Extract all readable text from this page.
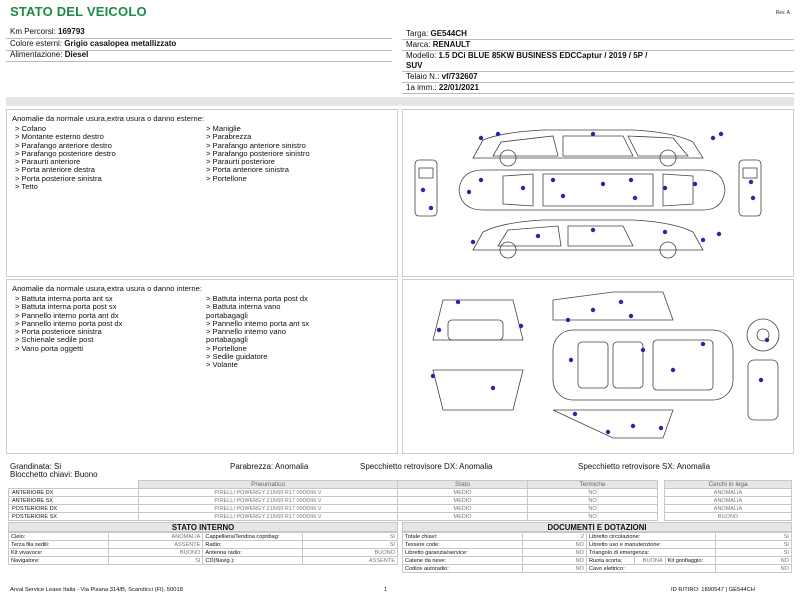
STATO DEL VEICOLO	Rev. A
Km Percorsi: 169793
Colore esterni: Grigio casalopea metallizzato
Alimentazione: Diesel
Targa: GE544CH
Marca: RENAULT
Modello: 1.5 DCi BLUE 85KW BUSINESS EDCCaptur / 2019 / 5P /
SUV
Telaio N.: vf/732607
1a imm.: 22/01/2021
Anomalie da normale usura,extra usura o danno esterne:
> Cofano
> Montante esterno destro
> Parafango anteriore destro
> Parafango posteriore destro
> Paraurti anteriore
> Porta anteriore destra
> Porta posteriore sinistra
> Tetto
> Maniglie
> Parabrezza
> Parafango anteriore sinistro
> Parafango posteriore sinistro
> Paraurti posteriore
> Porta anteriore sinistra
> Portellone
Anomalie da normale usura,extra usura o danno interne:
> Battuta interna porta ant sx
> Battuta interna porta post sx
> Pannello interno porta ant dx
> Pannello interno porta post dx
> Porta posteriore sinistra
> Schienale sedile post
> Vano porta oggetti
> Battuta interna porta post dx
> Battuta interna vano
portabagagli
> Pannello interno porta ant sx
> Pannello interno vano
portabagagli
> Portellone
> Sedile guidatore
> Volante
Grandinata: Si
Blocchetto chiavi: Buono
Parabrezza: Anomalia	Specchietto retrovisore DX: Anomalia	Specchietto retrovisore SX: Anomalia
	Pneumatico	Stato	Termiche
ANTERIORE DX	PIRELLI POWERGY 215/60 R17 000/096 V	MEDIO	NO
ANTERIORE SX	PIRELLI POWERGY 215/60 R17 000/096 V	MEDIO	NO
POSTERIORE DX	PIRELLI POWERGY 215/60 R17 000/096 V	MEDIO	NO
POSTERIORE SX	PIRELLI POWERGY 215/60 R17 000/096 V	MEDIO	NO
Cerchi in lega
ANOMALIA
ANOMALIA
ANOMALIA
BUONO
STATO INTERNO
Cielo:	ANOMALIA	Cappelliera/Tendina copribag:	SI
Terza fila sedili:	ASSENTE	Radio:	SI
Kit vivavoce:	BUONO	Antenna radio:	BUONO
Navigatore:	SI	CD(Navig.):	ASSENTE
DOCUMENTI E DOTAZIONI
Totale chiavi:	2	Libretto circolazione:			SI
Tessere code:	NO	Libretto uso e manutenzione:			SI
Libretto garanzia/service:	NO	Triangolo di emergenza:			SI
Catene da neve:	NO	Ruota scorta:	BUONA	Kit gonfiaggio:	NO
Codice autoradio:	NO	Cavo elettrico:			NO
Arval Service Lease Italia - Via Pisana 314/B, Scandicci (FI), 50018	1	ID RITIRO: 1890547 | GE544CH
